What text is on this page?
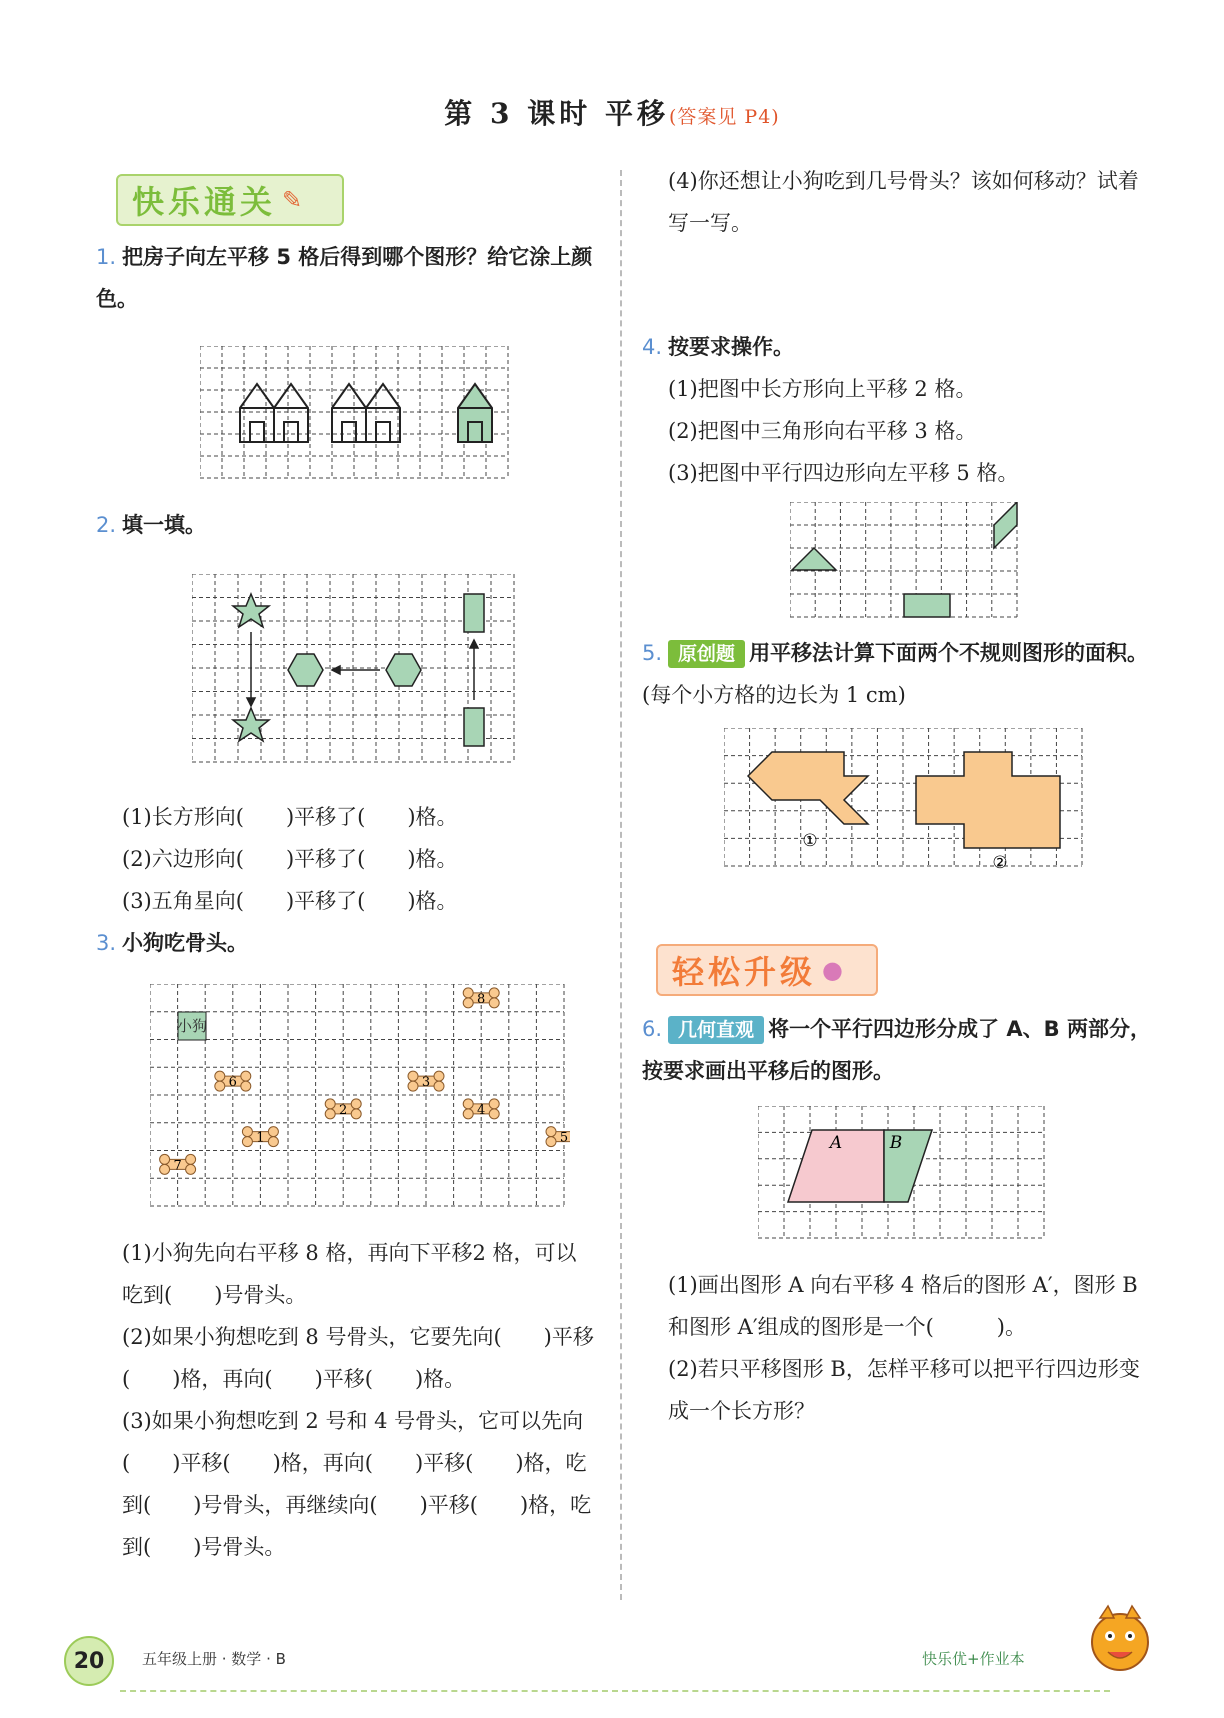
第 3 课时 平移(答案见 P4)
快乐通关 ✎
1. 把房子向左平移 5 格后得到哪个图形？给它涂上颜色。
2. 填一填。
(1)长方形向(　　)平移了(　　)格。
(2)六边形向(　　)平移了(　　)格。
(3)五角星向(　　)平移了(　　)格。
3. 小狗吃骨头。
小狗
8
6	3
2	4
1	5
7
(1)小狗先向右平移 8 格，再向下平移2 格，可以吃到(　　)号骨头。
(2)如果小狗想吃到 8 号骨头，它要先向(　　)平移(　　)格，再向(　　)平移(　　)格。
(3)如果小狗想吃到 2 号和 4 号骨头，它可以先向(　　)平移(　　)格，再向(　　)平移(　　)格，吃到(　　)号骨头，再继续向(　　)平移(　　)格，吃到(　　)号骨头。
(4)你还想让小狗吃到几号骨头？该如何移动？试着写一写。
4. 按要求操作。
(1)把图中长方形向上平移 2 格。
(2)把图中三角形向右平移 3 格。
(3)把图中平行四边形向左平移 5 格。
5. 原创题 用平移法计算下面两个不规则图形的面积。(每个小方格的边长为 1 cm)
①
②
轻松升级 ●
6. 几何直观 将一个平行四边形分成了 A、B 两部分，按要求画出平移后的图形。
A	B
(1)画出图形 A 向右平移 4 格后的图形 A′，图形 B 和图形 A′组成的图形是一个(　　　)。
(2)若只平移图形 B，怎样平移可以把平行四边形变成一个长方形？
20	五年级上册 · 数学 · B	快乐优+作业本
